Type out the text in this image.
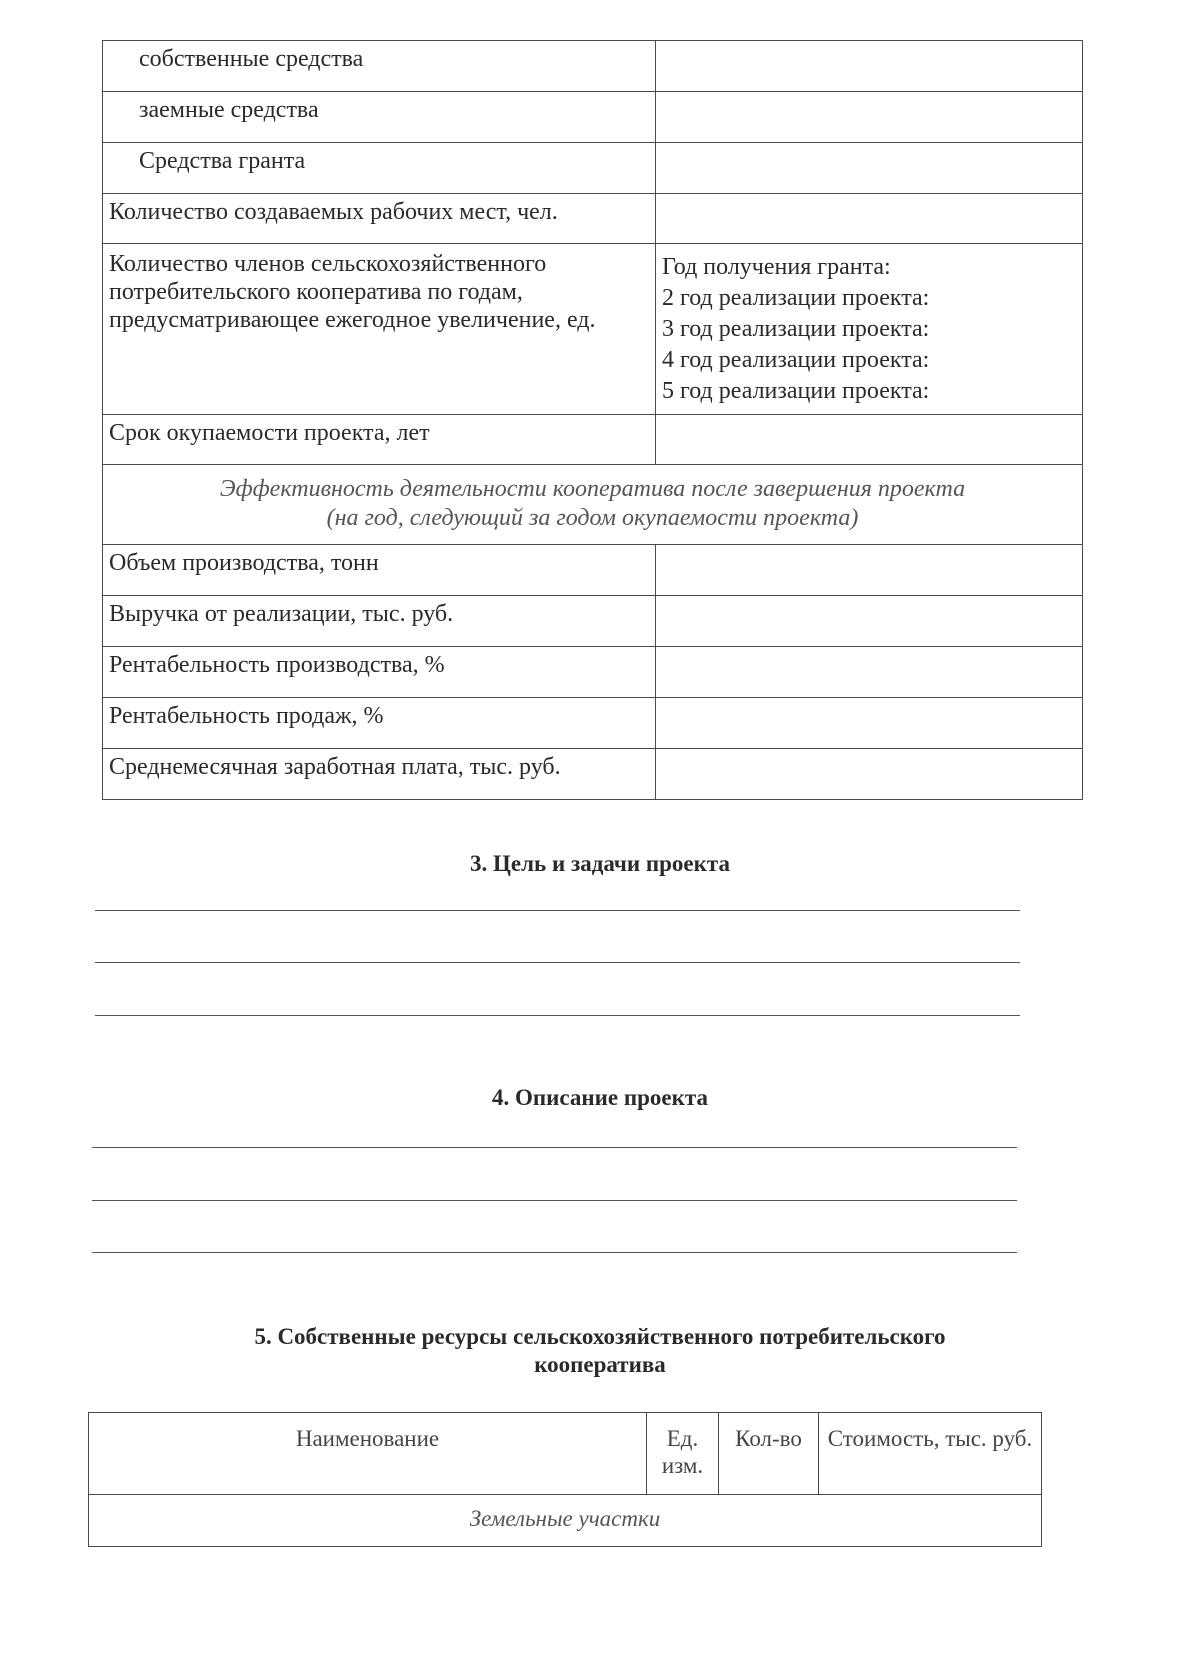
собственные средства	
заемные средства	
Средства гранта	
Количество создаваемых рабочих мест, чел.	
Количество членов сельскохозяйственного потребительского кооператива по годам, предусматривающее ежегодное увеличение, ед.	Год получения гранта:
2 год реализации проекта:
3 год реализации проекта:
4 год реализации проекта:
5 год реализации проекта:

Срок окупаемости проекта, лет	

Эффективность деятельности кооператива после завершения проекта
(на год, следующий за годом окупаемости проекта)	

Объем производства, тонн	
Выручка от реализации, тыс. руб.	
Рентабельность производства, %	
Рентабельность продаж, %	
Среднемесячная заработная плата, тыс. руб.	
3. Цель и задачи проекта
4. Описание проекта
5. Собственные ресурсы сельскохозяйственного потребительского
кооператива
Наименование	Ед. изм.	Кол-во	Стоимость, тыс. руб.
Земельные участки
